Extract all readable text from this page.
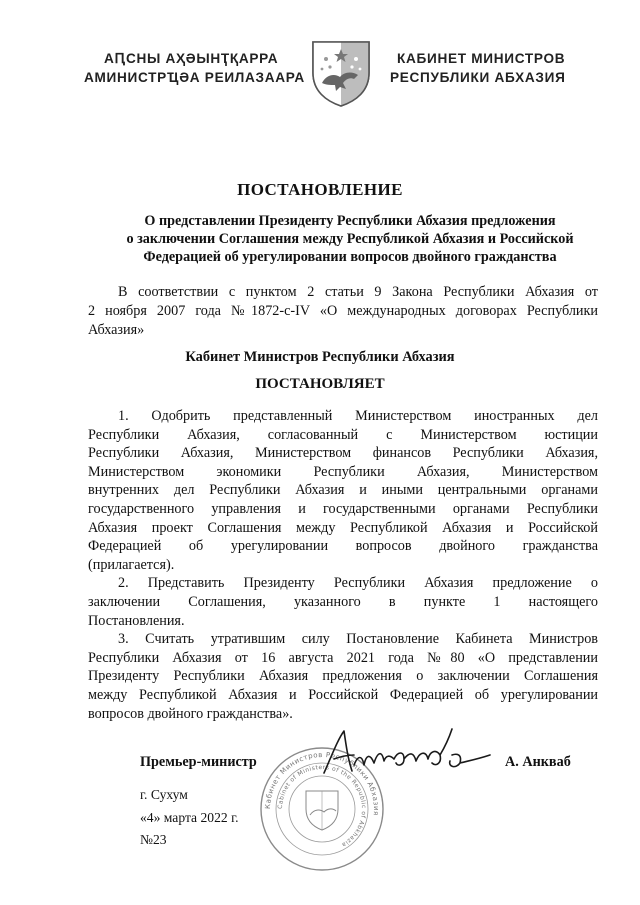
АԤСНЫ АҲӘЫНҬҚАРРА
АМИНИСТРҴӘА РЕИЛАЗААРА
КАБИНЕТ МИНИСТРОВ
РЕСПУБЛИКИ АБХАЗИЯ
ПОСТАНОВЛЕНИЕ
О представлении Президенту Республики Абхазия предложения
о заключении Соглашения между Республикой Абхазия и Российской
Федерацией об урегулировании вопросов двойного гражданства
В соответствии с пунктом 2 статьи 9 Закона Республики Абхазия от
2 ноября 2007 года №1872-с-IV «О международных договорах Республики
Абхазия»
Кабинет Министров Республики Абхазия
ПОСТАНОВЛЯЕТ
1. Одобрить представленный Министерством иностранных дел
Республики Абхазия, согласованный с Министерством юстиции
Республики Абхазия, Министерством финансов Республики Абхазия,
Министерством экономики Республики Абхазия, Министерством
внутренних дел Республики Абхазия и иными центральными органами
государственного управления и государственными органами Республики
Абхазия проект Соглашения между Республикой Абхазия и Российской
Федерацией об урегулировании вопросов двойного гражданства
(прилагается).
2. Представить Президенту Республики Абхазия предложение о
заключении Соглашения, указанного в пункте 1 настоящего
Постановления.
3. Считать утратившим силу Постановление Кабинета Министров
Республики Абхазия от 16 августа 2021 года №80 «О представлении
Президенту Республики Абхазия предложения о заключении Соглашения
между Республикой Абхазия и Российской Федерацией об урегулировании
вопросов двойного гражданства».
Кабинет Министров Республики Абхазия
Cabinet of Ministers of the Republic of Abkhazia
Премьер-министр	А. Анкваб
г. Сухум
«4» марта 2022 г.
№23
